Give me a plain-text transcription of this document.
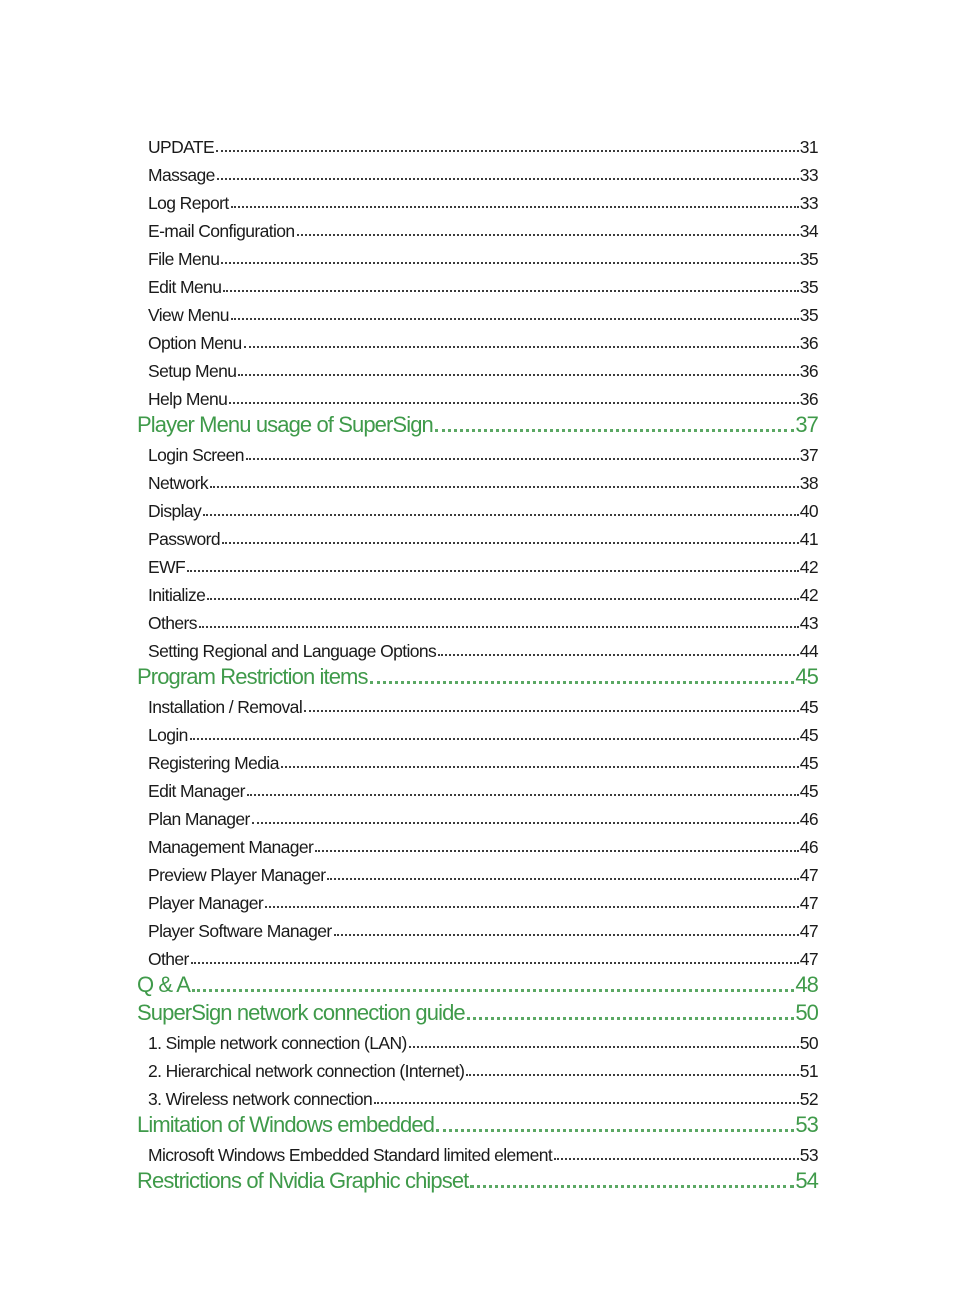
UPDATE	31
Massage	33
Log Report	33
E-mail Configuration	34
File Menu	35
Edit Menu	35
View Menu	35
Option Menu	36
Setup Menu	36
Help Menu	36
Player Menu usage of SuperSign	37
Login Screen	37
Network	38
Display	40
Password	41
EWF	42
Initialize	42
Others	43
Setting Regional and Language Options	44
Program Restriction items	45
Installation / Removal	45
Login	45
Registering Media	45
Edit Manager	45
Plan Manager	46
Management Manager	46
Preview Player Manager	47
Player Manager	47
Player Software Manager	47
Other	47
Q & A	48
SuperSign network connection guide	50
1. Simple network connection (LAN)	50
2. Hierarchical network connection (Internet)	51
3. Wireless network connection	52
Limitation of Windows embedded	53
Microsoft Windows Embedded Standard limited element	53
Restrictions of Nvidia Graphic chipset	54
